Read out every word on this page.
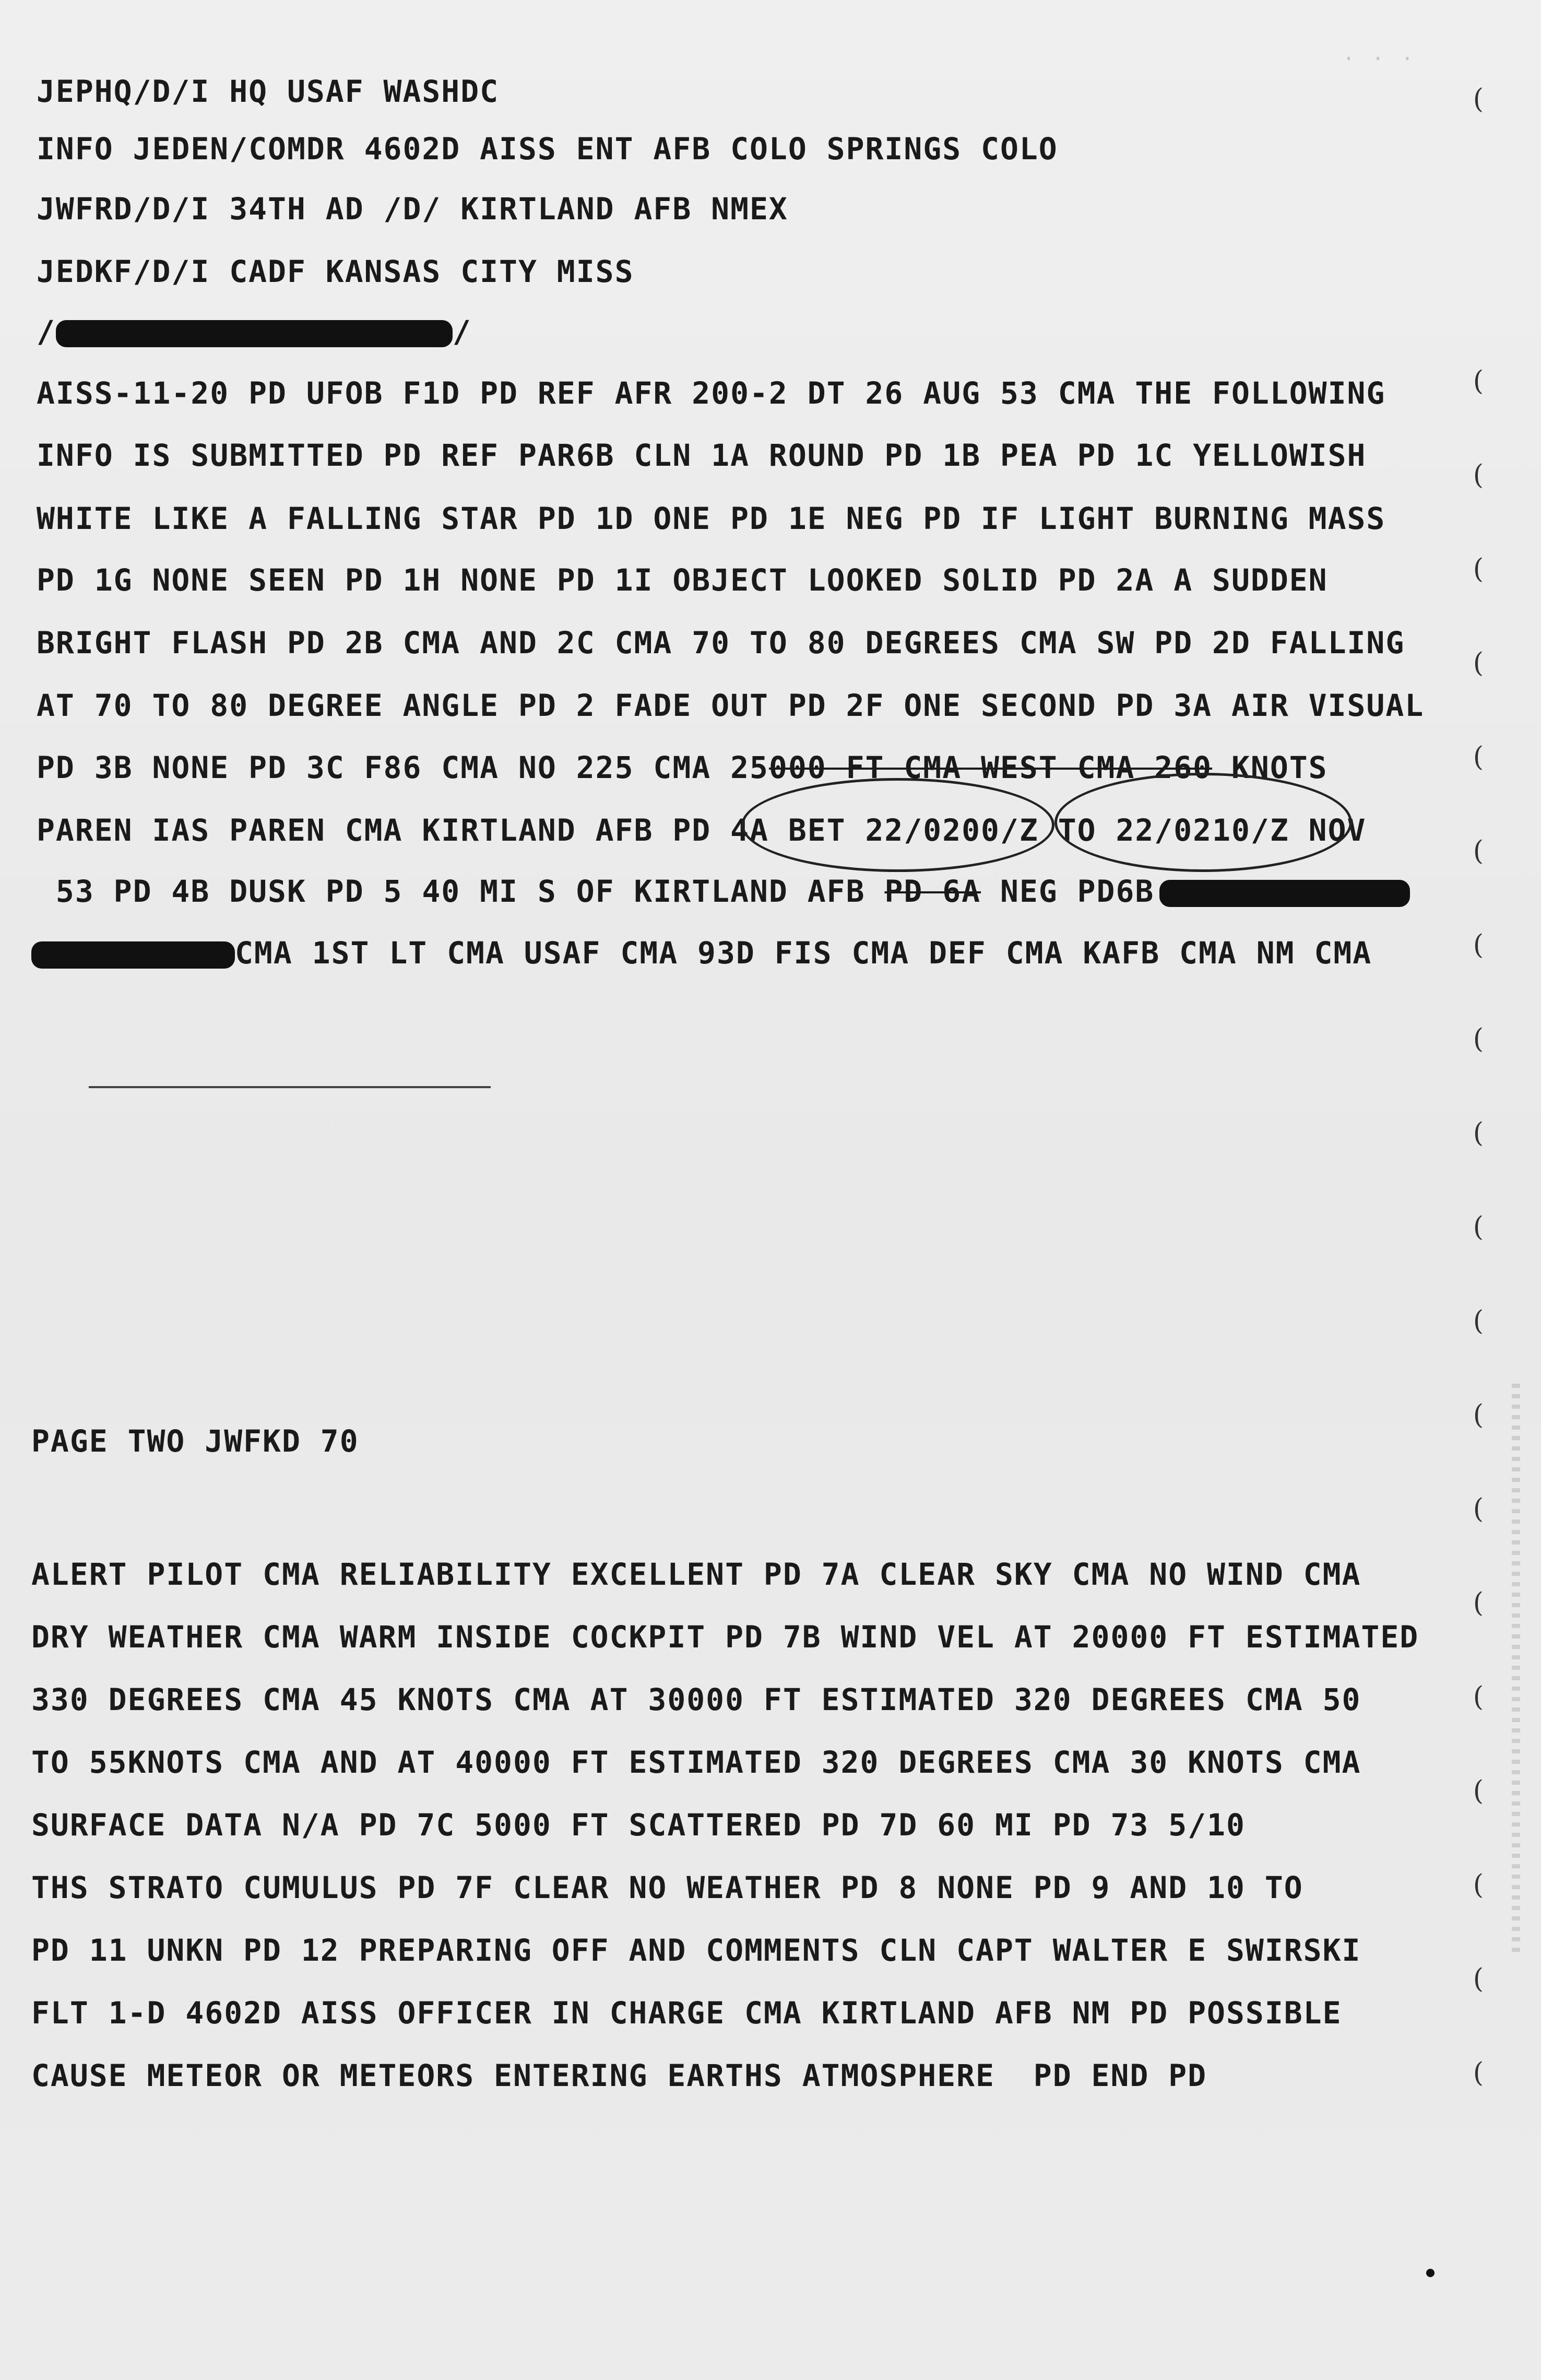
· · ·
JEPHQ/D/I HQ USAF WASHDC
INFO JEDEN/COMDR 4602D AISS ENT AFB COLO SPRINGS COLO
JWFRD/D/I 34TH AD /D/ KIRTLAND AFB NMEX
JEDKF/D/I CADF KANSAS CITY MISS
/	/
AISS-11-20 PD UFOB F1D PD REF AFR 200-2 DT 26 AUG 53 CMA THE FOLLOWING
INFO IS SUBMITTED PD REF PAR6B CLN 1A ROUND PD 1B PEA PD 1C YELLOWISH
WHITE LIKE A FALLING STAR PD 1D ONE PD 1E NEG PD IF LIGHT BURNING MASS
PD 1G NONE SEEN PD 1H NONE PD 1I OBJECT LOOKED SOLID PD 2A A SUDDEN
BRIGHT FLASH PD 2B CMA AND 2C CMA 70 TO 80 DEGREES CMA SW PD 2D FALLING
AT 70 TO 80 DEGREE ANGLE PD 2 FADE OUT PD 2F ONE SECOND PD 3A AIR VISUAL
PD 3B NONE PD 3C F86 CMA NO 225 CMA 25000 FT CMA WEST CMA 260 KNOTS
PAREN IAS PAREN CMA KIRTLAND AFB PD 4A BET 22/0200/Z TO 22/0210/Z NOV
53 PD 4B DUSK PD 5 40 MI S OF KIRTLAND AFB PD 6A NEG PD6B
CMA 1ST LT CMA USAF CMA 93D FIS CMA DEF CMA KAFB CMA NM CMA
PAGE TWO JWFKD 70
ALERT PILOT CMA RELIABILITY EXCELLENT PD 7A CLEAR SKY CMA NO WIND CMA
DRY WEATHER CMA WARM INSIDE COCKPIT PD 7B WIND VEL AT 20000 FT ESTIMATED
330 DEGREES CMA 45 KNOTS CMA AT 30000 FT ESTIMATED 320 DEGREES CMA 50
TO 55KNOTS CMA AND AT 40000 FT ESTIMATED 320 DEGREES CMA 30 KNOTS CMA
SURFACE DATA N/A PD 7C 5000 FT SCATTERED PD 7D 60 MI PD 73 5/10
THS STRATO CUMULUS PD 7F CLEAR NO WEATHER PD 8 NONE PD 9 AND 10 TO
PD 11 UNKN PD 12 PREPARING OFF AND COMMENTS CLN CAPT WALTER E SWIRSKI
FLT 1-D 4602D AISS OFFICER IN CHARGE CMA KIRTLAND AFB NM PD POSSIBLE
CAUSE METEOR OR METEORS ENTERING EARTHS ATMOSPHERE  PD END PD
(
(
(
(
(
(
(
(
(
(
(
(
(
(
(
(
(
(
(
(
